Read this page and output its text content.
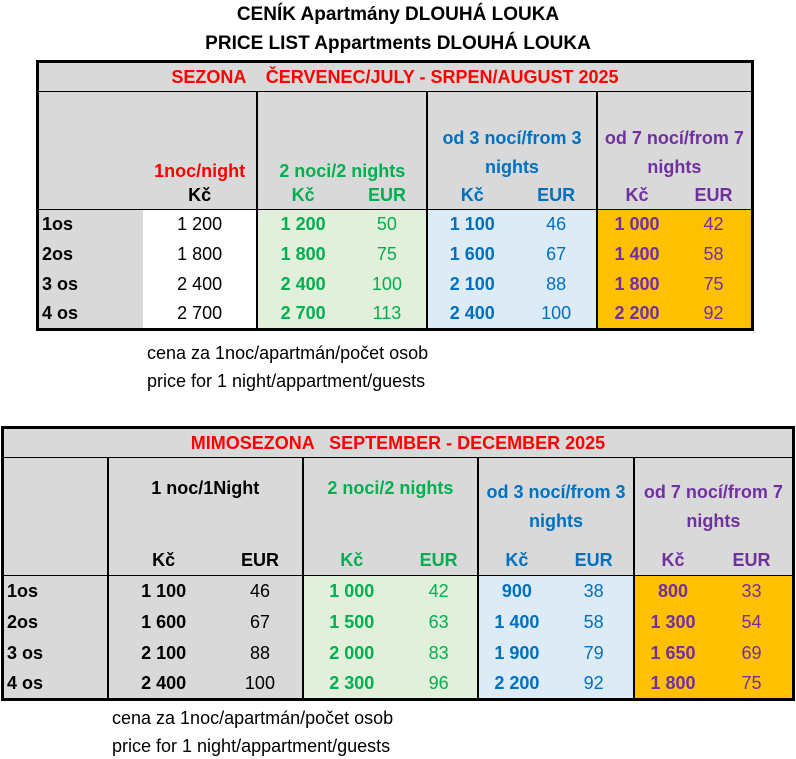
CENÍK Apartmány DLOUHÁ LOUKA
PRICE LIST Appartments DLOUHÁ LOUKA
SEZONA    ČERVENEC/JULY - SRPEN/AUGUST 2025							
	1noc/night	2 noci/2 nights		od 3 nocí/from 3 nights		od 7 nocí/from 7 nights	
	Kč	Kč	EUR	Kč	EUR	Kč	EUR
1os	1 200	1 200	50	1 100	46	1 000	42
2os	1 800	1 800	75	1 600	67	1 400	58
3 os	2 400	2 400	100	2 100	88	1 800	75
4 os	2 700	2 700	113	2 400	100	2 200	92
cena za 1noc/apartmán/počet osob
price for 1 night/appartment/guests
MIMOSEZONA   SEPTEMBER - DECEMBER 2025								
	1 noc/1Night		2 noci/2 nights		od 3 nocí/from 3 nights		od 7 nocí/from 7 nights	
	Kč	EUR	Kč	EUR	Kč	EUR	Kč	EUR
1os	1 100	46	1 000	42	900	38	800	33
2os	1 600	67	1 500	63	1 400	58	1 300	54
3 os	2 100	88	2 000	83	1 900	79	1 650	69
4 os	2 400	100	2 300	96	2 200	92	1 800	75
cena za 1noc/apartmán/počet osob
price for 1 night/appartment/guests
